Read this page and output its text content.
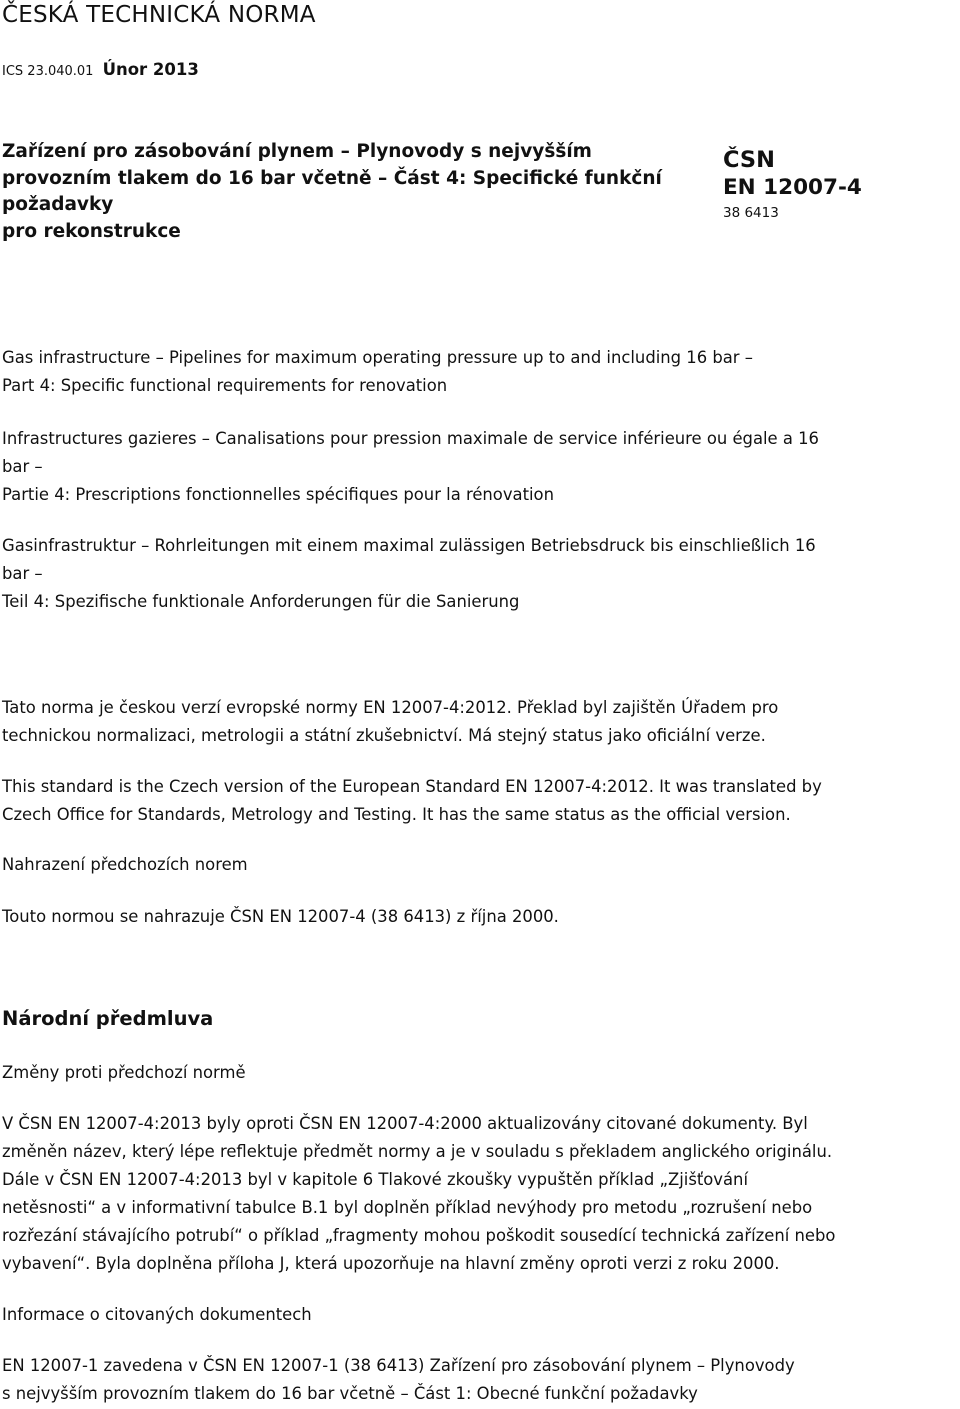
ČESKÁ TECHNICKÁ NORMA
ICS 23.040.01 Únor 2013
Zařízení pro zásobování plynem – Plynovody s nejvyšším
provozním tlakem do 16 bar včetně – Část 4: Specifické funkční
požadavky
pro rekonstrukce
ČSN
EN 12007-4
38 6413
Gas infrastructure – Pipelines for maximum operating pressure up to and including 16 bar –
Part 4: Specific functional requirements for renovation
Infrastructures gazieres – Canalisations pour pression maximale de service inférieure ou égale a 16
bar –
Partie 4: Prescriptions fonctionnelles spécifiques pour la rénovation
Gasinfrastruktur – Rohrleitungen mit einem maximal zulässigen Betriebsdruck bis einschließlich 16
bar –
Teil 4: Spezifische funktionale Anforderungen für die Sanierung
Tato norma je českou verzí evropské normy EN 12007-4:2012. Překlad byl zajištěn Úřadem pro
technickou normalizaci, metrologii a státní zkušebnictví. Má stejný status jako oficiální verze.
This standard is the Czech version of the European Standard EN 12007-4:2012. It was translated by
Czech Office for Standards, Metrology and Testing. It has the same status as the official version.
Nahrazení předchozích norem
Touto normou se nahrazuje ČSN EN 12007-4 (38 6413) z října 2000.
Národní předmluva
Změny proti předchozí normě
V ČSN EN 12007-4:2013 byly oproti ČSN EN 12007-4:2000 aktualizovány citované dokumenty. Byl
změněn název, který lépe reflektuje předmět normy a je v souladu s překladem anglického originálu.
Dále v ČSN EN 12007-4:2013 byl v kapitole 6 Tlakové zkoušky vypuštěn příklad „Zjišťování
netěsnosti“ a v informativní tabulce B.1 byl doplněn příklad nevýhody pro metodu „rozrušení nebo
rozřezání stávajícího potrubí“ o příklad „fragmenty mohou poškodit sousedící technická zařízení nebo
vybavení“. Byla doplněna příloha J, která upozorňuje na hlavní změny oproti verzi z roku 2000.
Informace o citovaných dokumentech
EN 12007-1 zavedena v ČSN EN 12007-1 (38 6413) Zařízení pro zásobování plynem – Plynovody
s nejvyšším provozním tlakem do 16 bar včetně – Část 1: Obecné funkční požadavky
